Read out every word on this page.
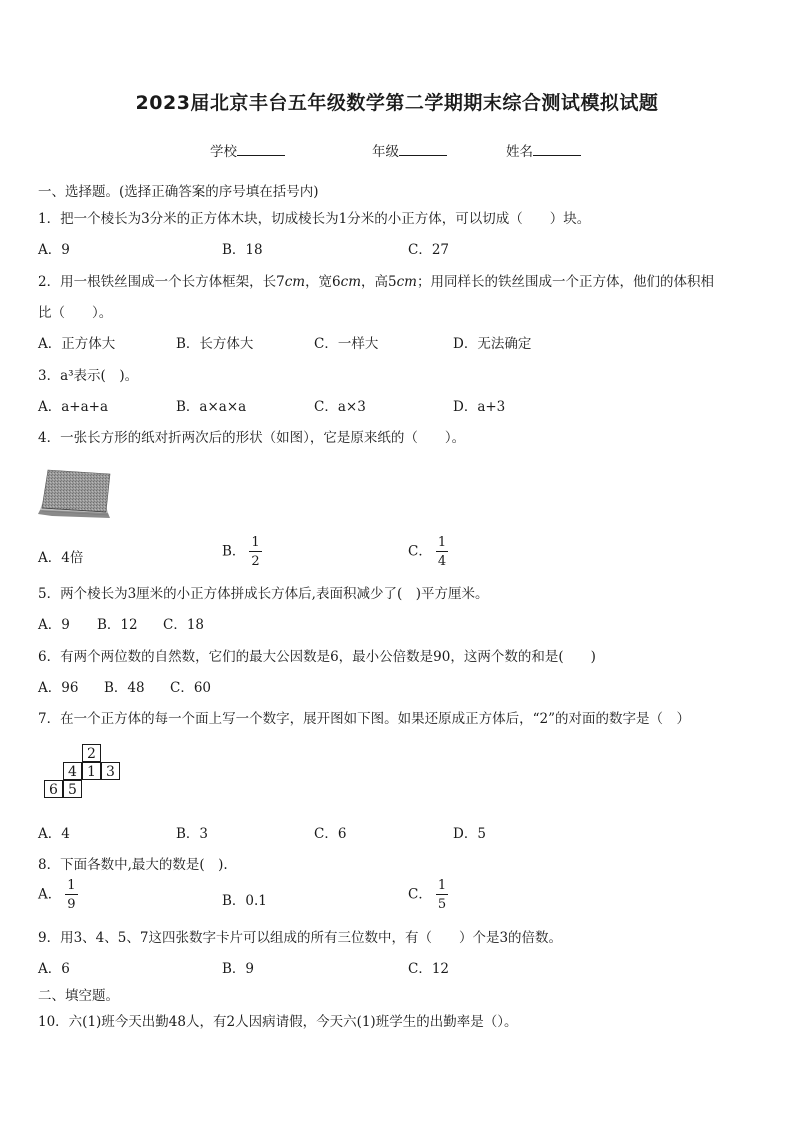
2023届北京丰台五年级数学第二学期期末综合测试模拟试题
学校	年级	姓名
一、选择题。(选择正确答案的序号填在括号内)
1．把一个棱长为3分米的正方体木块，切成棱长为1分米的小正方体，可以切成（　　）块。
A．9	B．18	C．27
2．用一根铁丝围成一个长方体框架，长7cm，宽6cm，高5cm；用同样长的铁丝围成一个正方体，他们的体积相
比（　　）。
A．正方体大	B．长方体大	C．一样大	D．无法确定
3．a³表示(　)。
A．a+a+a	B．a×a×a	C．a×3	D．a+3
4．一张长方形的纸对折两次后的形状（如图），它是原来纸的（　　）。
A．4倍	B． $\frac{1}{2}$	C． $\frac{1}{4}$
5．两个棱长为3厘米的小正方体拼成长方体后,表面积减少了(　)平方厘米。
A．9 B．12 C．18
6．有两个两位数的自然数，它们的最大公因数是6，最小公倍数是90，这两个数的和是(　　)
A．96 B．48 C．60
7．在一个正方体的每一个面上写一个数字，展开图如下图。如果还原成正方体后，“2”的对面的数字是（　）
2
4 1 3
6 5
A．4	B．3	C．6	D．5
8．下面各数中,最大的数是(　).
A． $\frac{1}{9}$	B．0.1	C． $\frac{1}{5}$
9．用3、4、5、7这四张数字卡片可以组成的所有三位数中，有（　　）个是3的倍数。
A．6	B．9	C．12
二、填空题。
10．六(1)班今天出勤48人，有2人因病请假，今天六(1)班学生的出勤率是（）。
